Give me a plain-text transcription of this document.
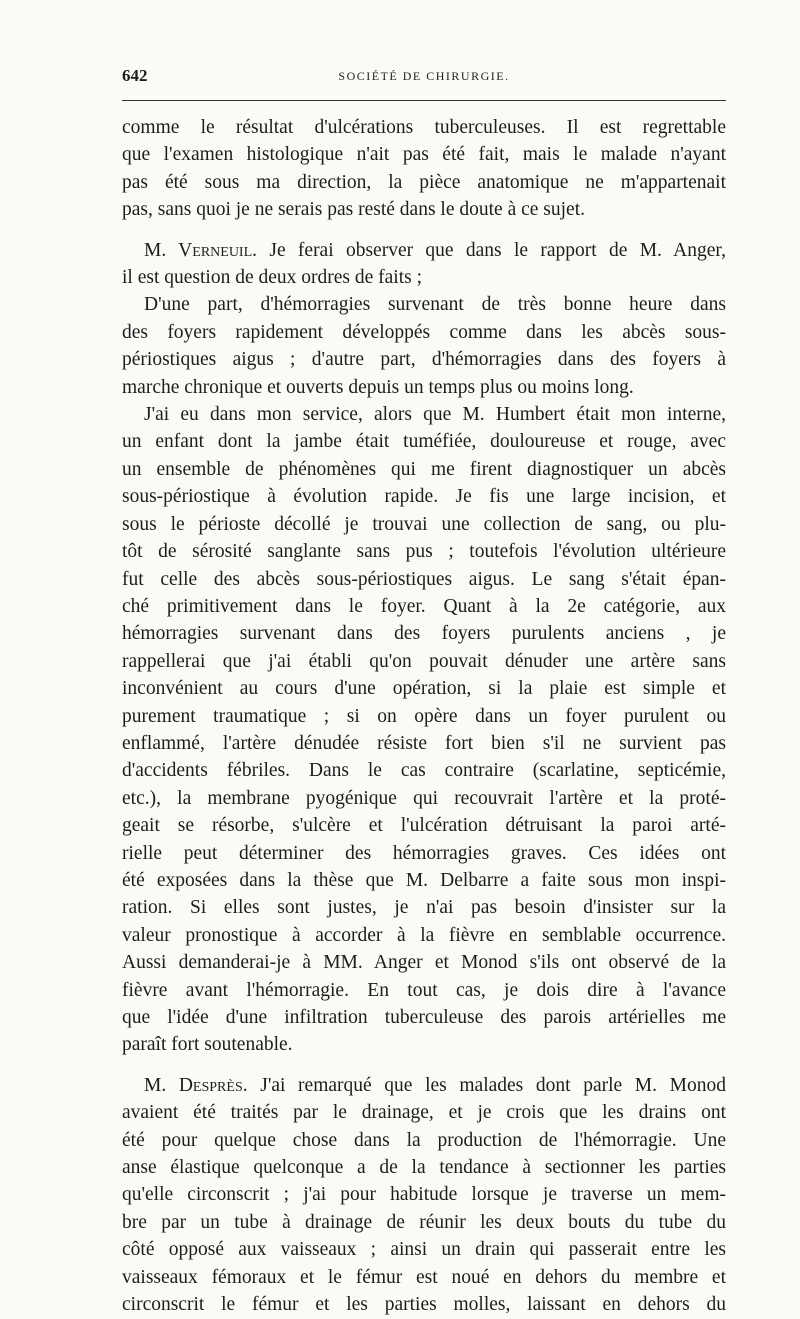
642	SOCIÉTÉ DE CHIRURGIE.

comme le résultat d'ulcérations tuberculeuses. Il est regrettable
que l'examen histologique n'ait pas été fait, mais le malade n'ayant
pas été sous ma direction, la pièce anatomique ne m'appartenait
pas, sans quoi je ne serais pas resté dans le doute à ce sujet.

M. Verneuil. Je ferai observer que dans le rapport de M. Anger,
il est question de deux ordres de faits ;

D'une part, d'hémorragies survenant de très bonne heure dans
des foyers rapidement développés comme dans les abcès sous-
périostiques aigus ; d'autre part, d'hémorragies dans des foyers à
marche chronique et ouverts depuis un temps plus ou moins long.

J'ai eu dans mon service, alors que M. Humbert était mon interne,
un enfant dont la jambe était tuméfiée, douloureuse et rouge, avec
un ensemble de phénomènes qui me firent diagnostiquer un abcès
sous-périostique à évolution rapide. Je fis une large incision, et
sous le périoste décollé je trouvai une collection de sang, ou plu-
tôt de sérosité sanglante sans pus ; toutefois l'évolution ultérieure
fut celle des abcès sous-périostiques aigus. Le sang s'était épan-
ché primitivement dans le foyer. Quant à la 2e catégorie, aux
hémorragies survenant dans des foyers purulents anciens , je
rappellerai que j'ai établi qu'on pouvait dénuder une artère sans
inconvénient au cours d'une opération, si la plaie est simple et
purement traumatique ; si on opère dans un foyer purulent ou
enflammé, l'artère dénudée résiste fort bien s'il ne survient pas
d'accidents fébriles. Dans le cas contraire (scarlatine, septicémie,
etc.), la membrane pyogénique qui recouvrait l'artère et la proté-
geait se résorbe, s'ulcère et l'ulcération détruisant la paroi arté-
rielle peut déterminer des hémorragies graves. Ces idées ont
été exposées dans la thèse que M. Delbarre a faite sous mon inspi-
ration. Si elles sont justes, je n'ai pas besoin d'insister sur la
valeur pronostique à accorder à la fièvre en semblable occurrence.
Aussi demanderai-je à MM. Anger et Monod s'ils ont observé de la
fièvre avant l'hémorragie. En tout cas, je dois dire à l'avance
que l'idée d'une infiltration tuberculeuse des parois artérielles me
paraît fort soutenable.

M. Desprès. J'ai remarqué que les malades dont parle M. Monod
avaient été traités par le drainage, et je crois que les drains ont
été pour quelque chose dans la production de l'hémorragie. Une
anse élastique quelconque a de la tendance à sectionner les parties
qu'elle circonscrit ; j'ai pour habitude lorsque je traverse un mem-
bre par un tube à drainage de réunir les deux bouts du tube du
côté opposé aux vaisseaux ; ainsi un drain qui passerait entre les
vaisseaux fémoraux et le fémur est noué en dehors du membre et
circonscrit le fémur et les parties molles, laissant en dehors du
